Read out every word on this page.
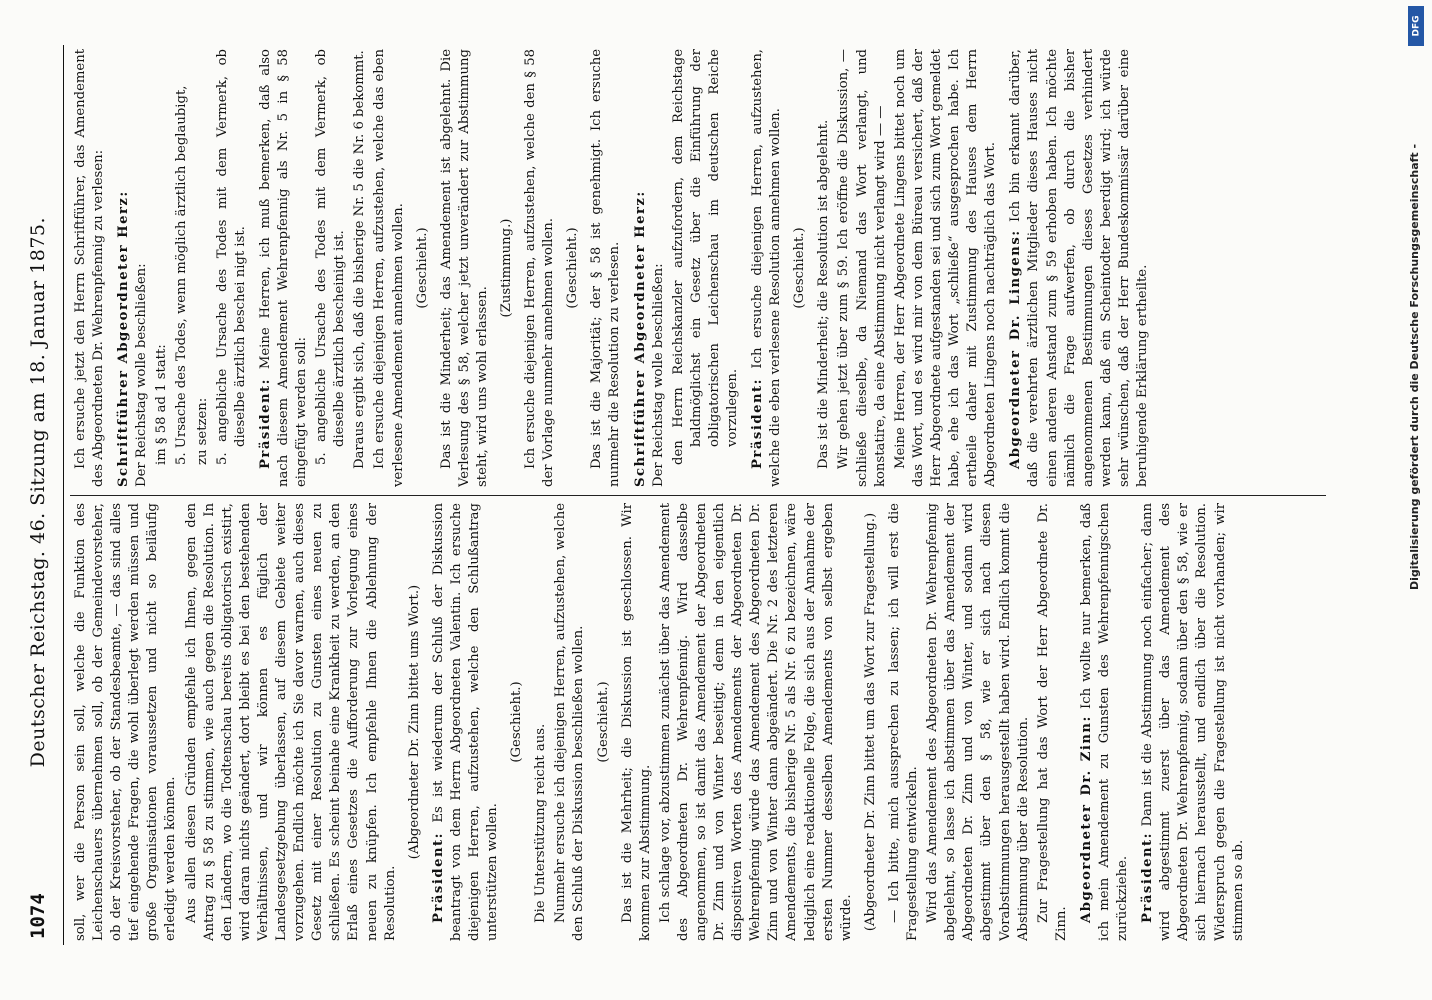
1074
Deutscher Reichstag. 46. Sitzung am 18. Januar 1875. soll, wer die Person sein soll, welche die Funktion des Leichenschauers übernehmen soll, ob der Gemeindevorsteher, ob der Kreisvorsteher, ob der Standesbeamte, — das sind alles tief eingehende Fragen, die wohl überlegt werden müssen und große Organisationen voraussetzen und nicht so beiläufig erledigt werden können. Aus allen diesen Gründen empfehle ich Ihnen, gegen den Antrag zu § 58 zu stimmen, wie auch gegen die Resolution. In den Ländern, wo die Todtenschau bereits obligatorisch existirt, wird daran nichts geändert, dort bleibt es bei den bestehenden Verhältnissen, und wir können es füglich der Landesgesetzgebung überlassen, auf diesem Gebiete weiter vorzugehen. Endlich möchte ich Sie davor warnen, auch dieses Gesetz mit einer Resolution zu Gunsten eines neuen zu schließen. Es scheint beinahe eine Krankheit zu werden, an den Erlaß eines Gesetzes die Aufforderung zur Vorlegung eines neuen zu knüpfen. Ich empfehle Ihnen die Ablehnung der Resolution.

(Abgeordneter Dr. Zinn bittet ums Wort.)

Präsident: Es ist wiederum der Schluß der Diskussion beantragt von dem Herrn Abgeordneten Valentin. Ich ersuche diejenigen Herren, aufzustehen, welche den Schlußantrag unterstützen wollen.

(Geschieht.)

Die Unterstützung reicht aus. Nunmehr ersuche ich diejenigen Herren, aufzustehen, welche den Schluß der Diskussion beschließen wollen. (Geschieht.) Das ist die Mehrheit; die Diskussion ist geschlossen. Wir kommen zur Abstimmung. Ich schlage vor, abzustimmen zunächst über das Amendement des Abgeordneten Dr. Wehrenpfennig. Wird dasselbe angenommen, so ist damit das Amendement der Abgeordneten Dr. Zinn und von Winter beseitigt; denn in den eigentlich dispositiven Worten des Amendements der Abgeordneten Dr. Wehrenpfennig würde das Amendement des Abgeordneten Dr. Zinn und von Winter dann abgeändert. Die Nr. 2 des letzteren Amendements, die bisherige Nr. 5 als Nr. 6 zu bezeichnen, wäre lediglich eine redaktionelle Folge, die sich aus der Annahme der ersten Nummer desselben Amendements von selbst ergeben würde. (Abgeordneter Dr. Zinn bittet um das Wort zur Fragestellung.) — Ich bitte, mich aussprechen zu lassen; ich will erst die Fragestellung entwickeln. Wird das Amendement des Abgeordneten Dr. Wehrenpfennig abgelehnt, so lasse ich abstimmen über das Amendement der Abgeordneten Dr. Zinn und von Winter, und sodann wird abgestimmt über den § 58, wie er sich nach diesen Vorabstimmungen herausgestellt haben wird. Endlich kommt die Abstimmung über die Resolution. Zur Fragestellung hat das Wort der Herr Abgeordnete Dr. Zinn.

Abgeordneter Dr. Zinn: Ich wollte nur bemerken, daß ich mein Amendement zu Gunsten des Wehrenpfennigschen zurückziehe. Präsident: Dann ist die Abstimmung noch einfacher; dann wird abgestimmt zuerst über das Amendement des Abgeordneten Dr. Wehrenpfennig, sodann über den § 58, wie er sich hiernach herausstellt, und endlich über die Resolution. Widerspruch gegen die Fragestellung ist nicht vorhanden; wir stimmen so ab.

Ich ersuche jetzt den Herrn Schriftführer, das Amendement des Abgeordneten Dr. Wehrenpfennig zu verlesen: Schriftführer Abgeordneter Herz: Der Reichstag wolle beschließen: im § 58 ad 1 statt: 5. Ursache des Todes, wenn möglich ärztlich beglaubigt, zu setzen: 5. angebliche Ursache des Todes mit dem Vermerk, ob dieselbe ärztlich beschei nigt ist. Präsident: Meine Herren, ich muß bemerken, daß also nach diesem Amendement Wehrenpfennig als Nr. 5 in § 58 eingefügt werden soll: 5. angebliche Ursache des Todes mit dem Vermerk, ob dieselbe ärztlich bescheinigt ist. Daraus ergibt sich, daß die bisherige Nr. 5 die Nr. 6 bekommt. Ich ersuche diejenigen Herren, aufzustehen, welche das eben verlesene Amendement annehmen wollen. (Geschieht.) Das ist die Minderheit; das Amendement ist abgelehnt. Die Verlesung des § 58, welcher jetzt unverändert zur Abstimmung steht, wird uns wohl erlassen.

(Zustimmung.) Ich ersuche diejenigen Herren, aufzustehen, welche den § 58 der Vorlage nunmehr annehmen wollen. (Geschieht.) Das ist die Majorität; der § 58 ist genehmigt. Ich ersuche nunmehr die Resolution zu verlesen. Schriftführer Abgeordneter Herz: Der Reichstag wolle beschließen: den Herrn Reichskanzler aufzufordern, dem Reichstage baldmöglichst ein Gesetz über die Einführung der obligatorischen Leichenschau im deutschen Reiche vorzulegen. Präsident: Ich ersuche diejenigen Herren, aufzustehen, welche die eben verlesene Resolution annehmen wollen. (Geschieht.) Das ist die Minderheit; die Resolution ist abgelehnt. Wir gehen jetzt über zum § 59. Ich eröffne die Diskussion, — schließe dieselbe, da Niemand das Wort verlangt, und konstatire, da eine Abstimmung nicht verlangt wird — — Meine Herren, der Herr Abgeordnete Lingens bittet noch um das Wort, und es wird mir von dem Büreau versichert, daß der Herr Abgeordnete aufgestanden sei und sich zum Wort gemeldet habe, ehe ich das Wort „schließe“ ausgesprochen habe. Ich ertheile daher mit Zustimmung des Hauses dem Herrn Abgeordneten Lingens noch nachträglich das Wort. Abgeordneter Dr. Lingens: Ich bin erkannt darüber, daß die verehrten ärztlichen Mitglieder dieses Hauses nicht einen anderen Anstand zum § 59 erhoben haben. Ich möchte nämlich die Frage aufwerfen, ob durch die bisher angenommenen Bestimmungen dieses Gesetzes verhindert werden kann, daß ein Scheintodter beerdigt wird; ich würde sehr wünschen, daß der Herr Bundeskommissär darüber eine beruhigende Erklärung ertheilte.	Digitalisierung gefördert durch die Deutsche Forschungsgemeinschaft -
DFG
